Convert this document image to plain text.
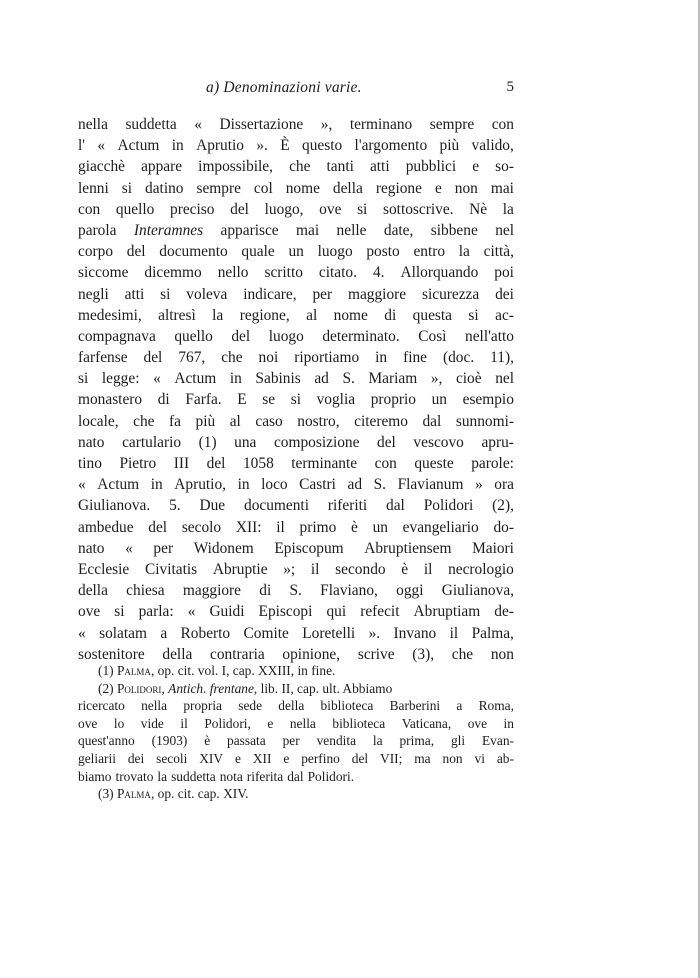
a) Denominazioni varie.	5
nella suddetta « Dissertazione », terminano sempre con
l' « Actum in Aprutio ». È questo l'argomento più valido,
giacchè appare impossibile, che tanti atti pubblici e so-
lenni si datino sempre col nome della regione e non mai
con quello preciso del luogo, ove si sottoscrive. Nè la
parola Interamnes apparisce mai nelle date, sibbene nel
corpo del documento quale un luogo posto entro la città,
siccome dicemmo nello scritto citato. 4. Allorquando poi
negli atti si voleva indicare, per maggiore sicurezza dei
medesimi, altresì la regione, al nome di questa si ac-
compagnava quello del luogo determinato. Così nell'atto
farfense del 767, che noi riportiamo in fine (doc. 11),
si legge: « Actum in Sabinis ad S. Mariam », cioè nel
monastero di Farfa. E se si voglia proprio un esempio
locale, che fa più al caso nostro, citeremo dal sunnomi-
nato cartulario (1) una composizione del vescovo apru-
tino Pietro III del 1058 terminante con queste parole:
« Actum in Aprutio, in loco Castri ad S. Flavianum » ora
Giulianova. 5. Due documenti riferiti dal Polidori (2),
ambedue del secolo XII: il primo è un evangeliario do-
nato « per Widonem Episcopum Abruptiensem Maiori
Ecclesie Civitatis Abruptie »; il secondo è il necrologio
della chiesa maggiore di S. Flaviano, oggi Giulianova,
ove si parla: « Guidi Episcopi qui refecit Abruptiam de-
« solatam a Roberto Comite Loretelli ». Invano il Palma,
sostenitore della contraria opinione, scrive (3), che non
(1)
Palma , op. cit. vol. I, cap. XXIII, in fine.
(2) Polidori, Antich. frentane, lib. II, cap. ult. Abbiamo
ricercato nella propria sede della biblioteca Barberini a Roma,
ove lo vide il Polidori, e nella biblioteca Vaticana, ove in
quest'anno (1903) è passata per vendita la prima, gli Evan-
geliarii dei secoli XIV e XII e perfino del VII; ma non vi ab-
biamo trovato la suddetta nota riferita dal Polidori.
(3)
Palma , op. cit. cap. XIV.
